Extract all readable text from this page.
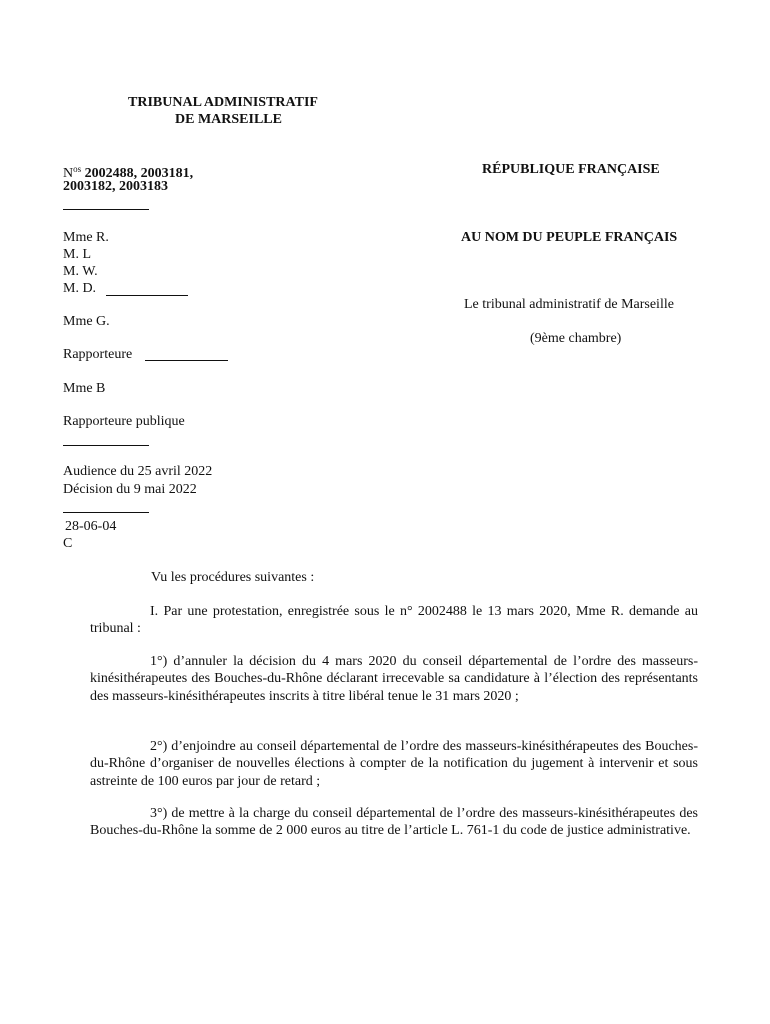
TRIBUNAL ADMINISTRATIF
DE MARSEILLE
$N^{os}$ 2002488, 2003181,
2003182, 2003183
RÉPUBLIQUE FRANÇAISE
AU NOM DU PEUPLE FRANÇAIS
Le tribunal administratif de Marseille
(9ème chambre)
Mme R.
M. L
M. W.
M. D.
Mme G.
Rapporteure
Mme B
Rapporteure publique
Audience du 25 avril 2022
Décision du 9 mai 2022
28-06-04
C
Vu les procédures suivantes :
I. Par une protestation, enregistrée sous le n° 2002488 le 13 mars 2020, Mme R. demande au tribunal :
1°) d’annuler la décision du 4 mars 2020 du conseil départemental de l’ordre des masseurs-kinésithérapeutes des Bouches-du-Rhône déclarant irrecevable sa candidature à l’élection des représentants des masseurs-kinésithérapeutes inscrits à titre libéral tenue le 31 mars 2020 ;
2°) d’enjoindre au conseil départemental de l’ordre des masseurs-kinésithérapeutes des Bouches-du-Rhône d’organiser de nouvelles élections à compter de la notification du jugement à intervenir et sous astreinte de 100 euros par jour de retard ;
3°) de mettre à la charge du conseil départemental de l’ordre des masseurs-kinésithérapeutes des Bouches-du-Rhône la somme de 2 000 euros au titre de l’article L. 761-1 du code de justice administrative.
